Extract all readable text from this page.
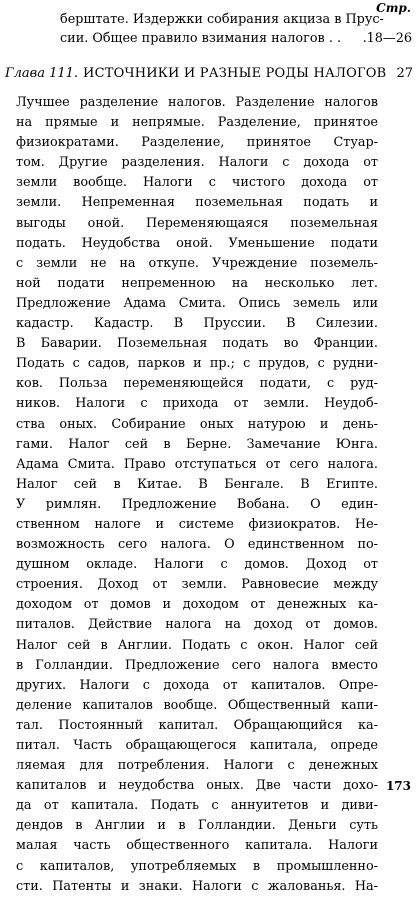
Стр.
берштате. Издержки собирания акциза в Прус-
сии. Общее правило взимания налогов . . .18—26
Глава 111. ИСТОЧНИКИ И РАЗНЫЕ РОДЫ НАЛОГОВ 27
Лучшее разделение налогов. Разделение налогов
на прямые и непрямые. Разделение, принятое
физиократами. Разделение, принятое Стуар-
том. Другие разделения. Налоги с дохода от
земли вообще. Налоги с чистого дохода от
земли. Непременная поземельная подать и
выгоды оной. Переменяющаяся поземельная
подать. Неудобства оной. Уменьшение подати
с земли не на откупе. Учреждение поземель-
ной подати непременною на несколько лет.
Предложение Адама Смита. Опись земель или
кадастр. Кадастр. В Пруссии. В Силезии.
В Баварии. Поземельная подать во Франции.
Подать с садов, парков и пр.; с прудов, с рудни-
ков. Польза переменяющейся подати, с руд-
ников. Налоги с прихода от земли. Неудоб-
ства оных. Собирание оных натурою и день-
гами. Налог сей в Берне. Замечание Юнга.
Адама Смита. Право отступаться от сего налога.
Налог сей в Китае. В Бенгале. В Египте.
У римлян. Предложение Вобана. О един-
ственном налоге и системе физиократов. Не-
возможность сего налога. О единственном по-
душном окладе. Налоги с домов. Доход от
строения. Доход от земли. Равновесие между
доходом от домов и доходом от денежных ка-
питалов. Действие налога на доход от домов.
Налог сей в Англии. Подать с окон. Налог сей
в Голландии. Предложение сего налога вместо
других. Налоги с дохода от капиталов. Опре-
деление капиталов вообще. Общественный капи-
тал. Постоянный капитал. Обращающийся ка-
питал. Часть обращающегося капитала, опреде
ляемая для потребления. Налоги с денежных
капиталов и неудобства оных. Две части дохо-
да от капитала. Подать с аннуитетов и диви-
дендов в Англии и в Голландии. Деньги суть
малая часть общественного капитала. Налоги
с капиталов, употребляемых в промышленно-
сти. Патенты и знаки. Налоги с жалованья. На-
173
